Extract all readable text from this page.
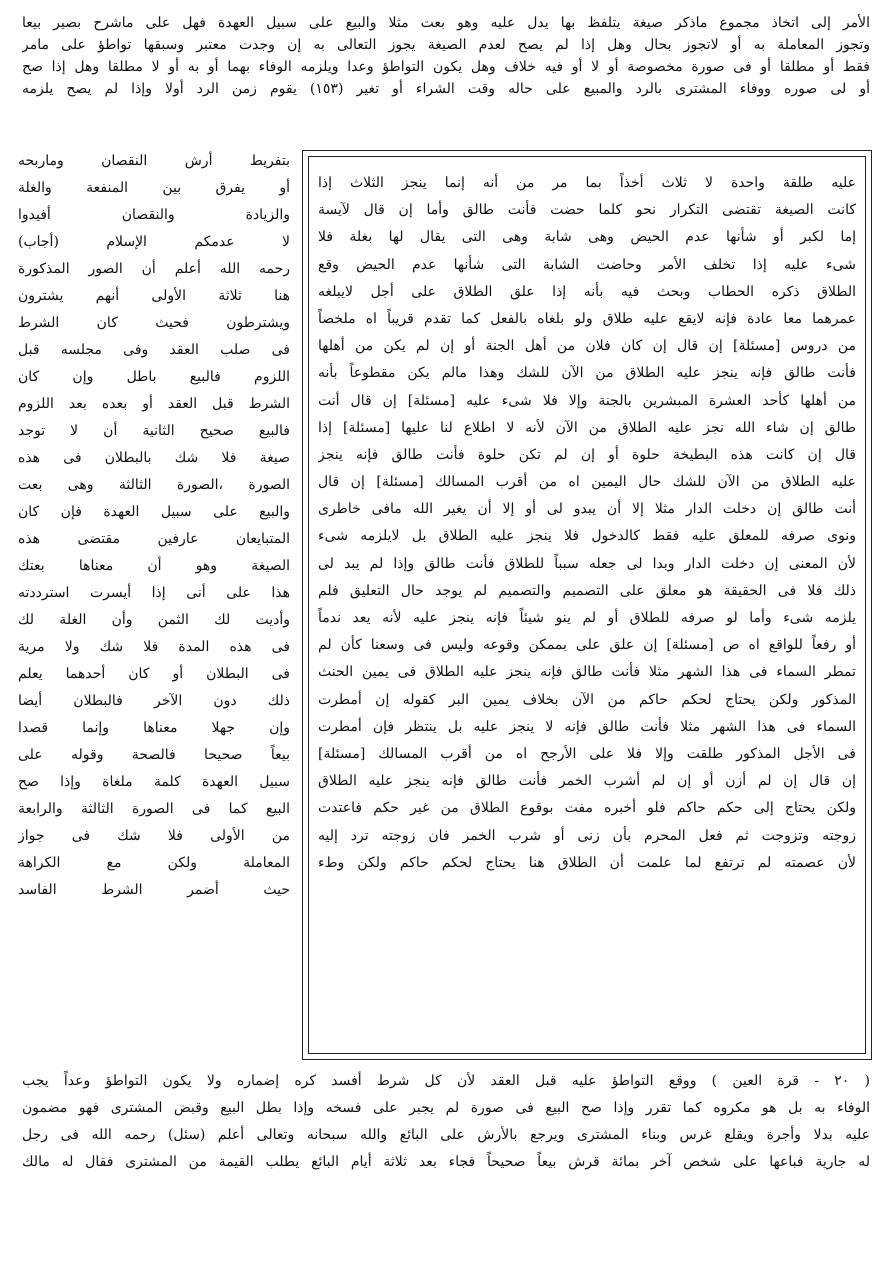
الأمر إلى اتخاذ مجموع ماذكر صيغة يتلفظ بها يدل عليه وهو بعت مثلا والبيع على سبيل العهدة فهل على ماشرح بصير بيعا
وتجوز المعاملة به أو لاتجوز بحال وهل إذا لم يصح لعدم الصيغة يجوز التعالى به إن وجدت معتبر وسبقها تواطؤ على مامر
فقط أو مطلقا أو فى صورة مخصوصة أو لا أو فيه خلاف وهل يكون التواطؤ وعدا ويلزمه الوفاء بهما أو به أو لا مطلقا وهل إذا صح
أو لى صوره ووفاء المشترى بالرد والمبيع على حاله وقت الشراء أو تغير (١٥٣) يقوم زمن الرد أولا وإذا لم يصح يلزمه
عليه طلقة واحدة لا ثلاث أخذاً بما مر من أنه إنما ينجز الثلاث إذا
كانت الصيغة تقتضى التكرار نحو كلما حضت فأنت طالق وأما إن قال لآيسة
إما لكبر أو شأنها عدم الحيض وهى شابة وهى التى يقال لها بغلة فلا
شىء عليه إذا تخلف الأمر وحاضت الشابة التى شأنها عدم الحيض وقع
الطلاق ذكره الحطاب وبحث فيه بأنه إذا علق الطلاق على أجل لايبلغه
عمرهما معا عادة فإنه لايقع عليه طلاق ولو بلغاه بالفعل كما تقدم قريباً اه ملخصاً
من دروس [مسئلة] إن قال إن كان فلان من أهل الجنة أو إن لم يكن من أهلها
فأنت طالق فإنه ينجز عليه الطلاق من الآن للشك وهذا مالم يكن مقطوعاً بأنه
من أهلها كأحد العشرة المبشرين بالجنة وإلا فلا شىء عليه [مسئلة] إن قال أنت
طالق إن شاء الله نجز عليه الطلاق من الآن لأنه لا اطلاع لنا عليها [مسئلة] إذا
قال إن كانت هذه البطيخة حلوة أو إن لم تكن حلوة فأنت طالق فإنه ينجز
عليه الطلاق من الآن للشك حال اليمين اه من أقرب المسالك [مسئلة] إن قال
أنت طالق إن دخلت الدار مثلا إلا أن يبدو لى أو إلا أن يغير الله مافى خاطرى
ونوى صرفه للمعلق عليه فقط كالدخول فلا ينجز عليه الطلاق بل لايلزمه شىء
لأن المعنى إن دخلت الدار وبدا لى جعله سبباً للطلاق فأنت طالق وإذا لم يبد لى
ذلك فلا فى الحقيقة هو معلق على التصميم والتصميم لم يوجد حال التعليق فلم
يلزمه شىء وأما لو صرفه للطلاق أو لم ينو شيئاً فإنه ينجز عليه لأنه يعد ندماً
أو رفعاً للواقع اه ص [مسئلة] إن علق على بممكن وقوعه وليس فى وسعنا كأن لم
تمطر السماء فى هذا الشهر مثلا فأنت طالق فإنه ينجز عليه الطلاق فى يمين الحنث
المذكور ولكن يحتاج لحكم حاكم من الآن بخلاف يمين البر كقوله إن أمطرت
السماء فى هذا الشهر مثلا فأنت طالق فإنه لا ينجز عليه بل ينتظر فإن أمطرت
فى الأجل المذكور طلقت وإلا فلا على الأرجح اه من أقرب المسالك [مسئلة]
إن قال إن لم أزن أو إن لم أشرب الخمر فأنت طالق فإنه ينجز عليه الطلاق
ولكن يحتاج إلى حكم حاكم فلو أخبره مفت بوقوع الطلاق من غير حكم فاعتدت
زوجته وتزوجت ثم فعل المحرم بأن زنى أو شرب الخمر فان زوجته ترد إليه
لأن عصمته لم ترتفع لما علمت أن الطلاق هنا يحتاج لحكم حاكم ولكن وطء
بتفريط أرش النقصان وماربحه
أو يفرق بين المنفعة والغلة
والزيادة والنقصان أفيدوا
لا عدمكم الإسلام (أجاب)
رحمه الله أعلم أن الصور المذكورة
هنا ثلاثة الأولى أنهم يشترون
ويشترطون فحيث كان الشرط
فى صلب العقد وفى مجلسه قبل
اللزوم فالبيع باطل وإن كان
الشرط قبل العقد أو بعده بعد اللزوم
فالبيع صحيح الثانية أن لا توجد
صيغة فلا شك بالبطلان فى هذه
الصورة ،الصورة الثالثة وهى بعت
والبيع على سبيل العهدة فإن كان
المتبايعان عارفين مقتضى هذه
الصيغة وهو أن معناها بعتك
هذا على أنى إذا أيسرت استرددته
وأديت لك الثمن وأن الغلة لك
فى هذه المدة فلا شك ولا مرية
فى البطلان أو كان أحدهما يعلم
ذلك دون الآخر فالبطلان أيضا
وإن جهلا معناها وإنما قصدا
بيعاً صحيحا فالصحة وقوله على
سبيل العهدة كلمة ملغاة وإذا صح
البيع كما فى الصورة الثالثة والرابعة
من الأولى فلا شك فى جواز
المعاملة ولكن مع الكراهة
حيث أضمر الشرط الفاسد
( ٢٠ - قرة العين ) ووقع التواطؤ عليه قبل العقد لأن كل شرط أفسد كره إضماره ولا يكون التواطؤ وعداً يجب
الوفاء به بل هو مكروه كما تقرر وإذا صح البيع فى صورة لم يجبر على فسخه وإذا بطل البيع وقبض المشترى فهو مضمون
عليه بدلا وأجرة ويقلع غرس وبناء المشترى ويرجع بالأرش على البائع والله سبحانه وتعالى أعلم (سئل) رحمه الله فى رجل
له جارية فباعها على شخص آخر بمائة قرش بيعاً صحيحاً فجاء بعد ثلاثة أيام البائع يطلب القيمة من المشترى فقال له مالك
